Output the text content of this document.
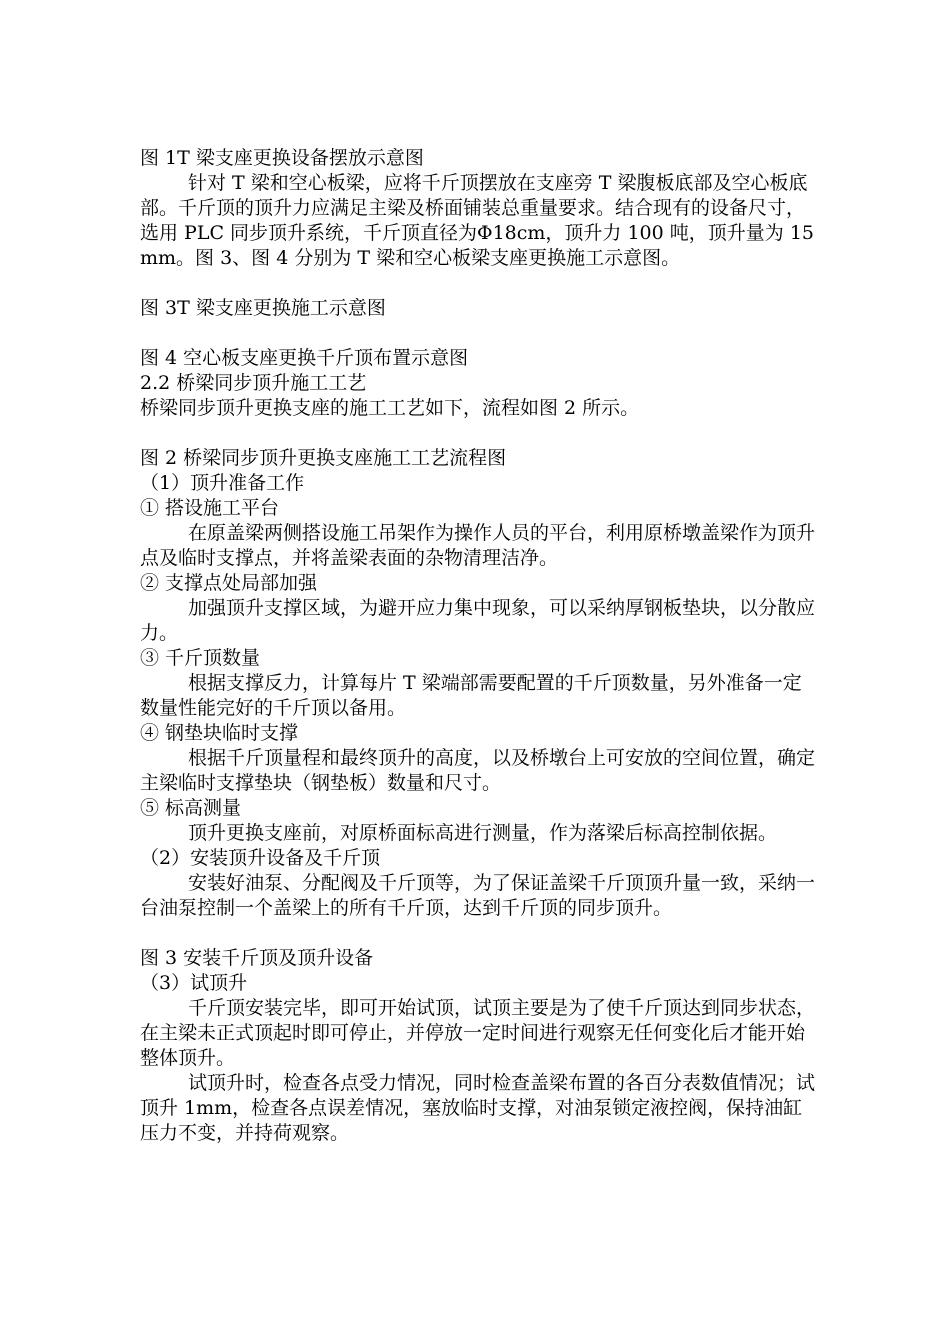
图 1T 梁支座更换设备摆放示意图

针对 T 梁和空心板梁，应将千斤顶摆放在支座旁 T 梁腹板底部及空心板底部。千斤顶的顶升力应满足主梁及桥面铺装总重量要求。结合现有的设备尺寸，选用 PLC 同步顶升系统，千斤顶直径为Φ18cm，顶升力 100 吨，顶升量为 15mm。图 3、图 4 分别为 T 梁和空心板梁支座更换施工示意图。

图 3T 梁支座更换施工示意图

图 4 空心板支座更换千斤顶布置示意图

2.2 桥梁同步顶升施工工艺

桥梁同步顶升更换支座的施工工艺如下，流程如图 2 所示。

图 2 桥梁同步顶升更换支座施工工艺流程图

（1）顶升准备工作

① 搭设施工平台

在原盖梁两侧搭设施工吊架作为操作人员的平台，利用原桥墩盖梁作为顶升点及临时支撑点，并将盖梁表面的杂物清理洁净。

② 支撑点处局部加强

加强顶升支撑区域，为避开应力集中现象，可以采纳厚钢板垫块，以分散应力。

③ 千斤顶数量

根据支撑反力，计算每片 T 梁端部需要配置的千斤顶数量，另外准备一定数量性能完好的千斤顶以备用。

④ 钢垫块临时支撑

根据千斤顶量程和最终顶升的高度，以及桥墩台上可安放的空间位置，确定主梁临时支撑垫块（钢垫板）数量和尺寸。

⑤ 标高测量

顶升更换支座前，对原桥面标高进行测量，作为落梁后标高控制依据。

（2）安装顶升设备及千斤顶

安装好油泵、分配阀及千斤顶等，为了保证盖梁千斤顶顶升量一致，采纳一台油泵控制一个盖梁上的所有千斤顶，达到千斤顶的同步顶升。

图 3 安装千斤顶及顶升设备

（3）试顶升

千斤顶安装完毕，即可开始试顶，试顶主要是为了使千斤顶达到同步状态，在主梁未正式顶起时即可停止，并停放一定时间进行观察无任何变化后才能开始整体顶升。

试顶升时，检查各点受力情况，同时检查盖梁布置的各百分表数值情况；试顶升 1mm，检查各点误差情况，塞放临时支撑，对油泵锁定液控阀，保持油缸压力不变，并持荷观察。
